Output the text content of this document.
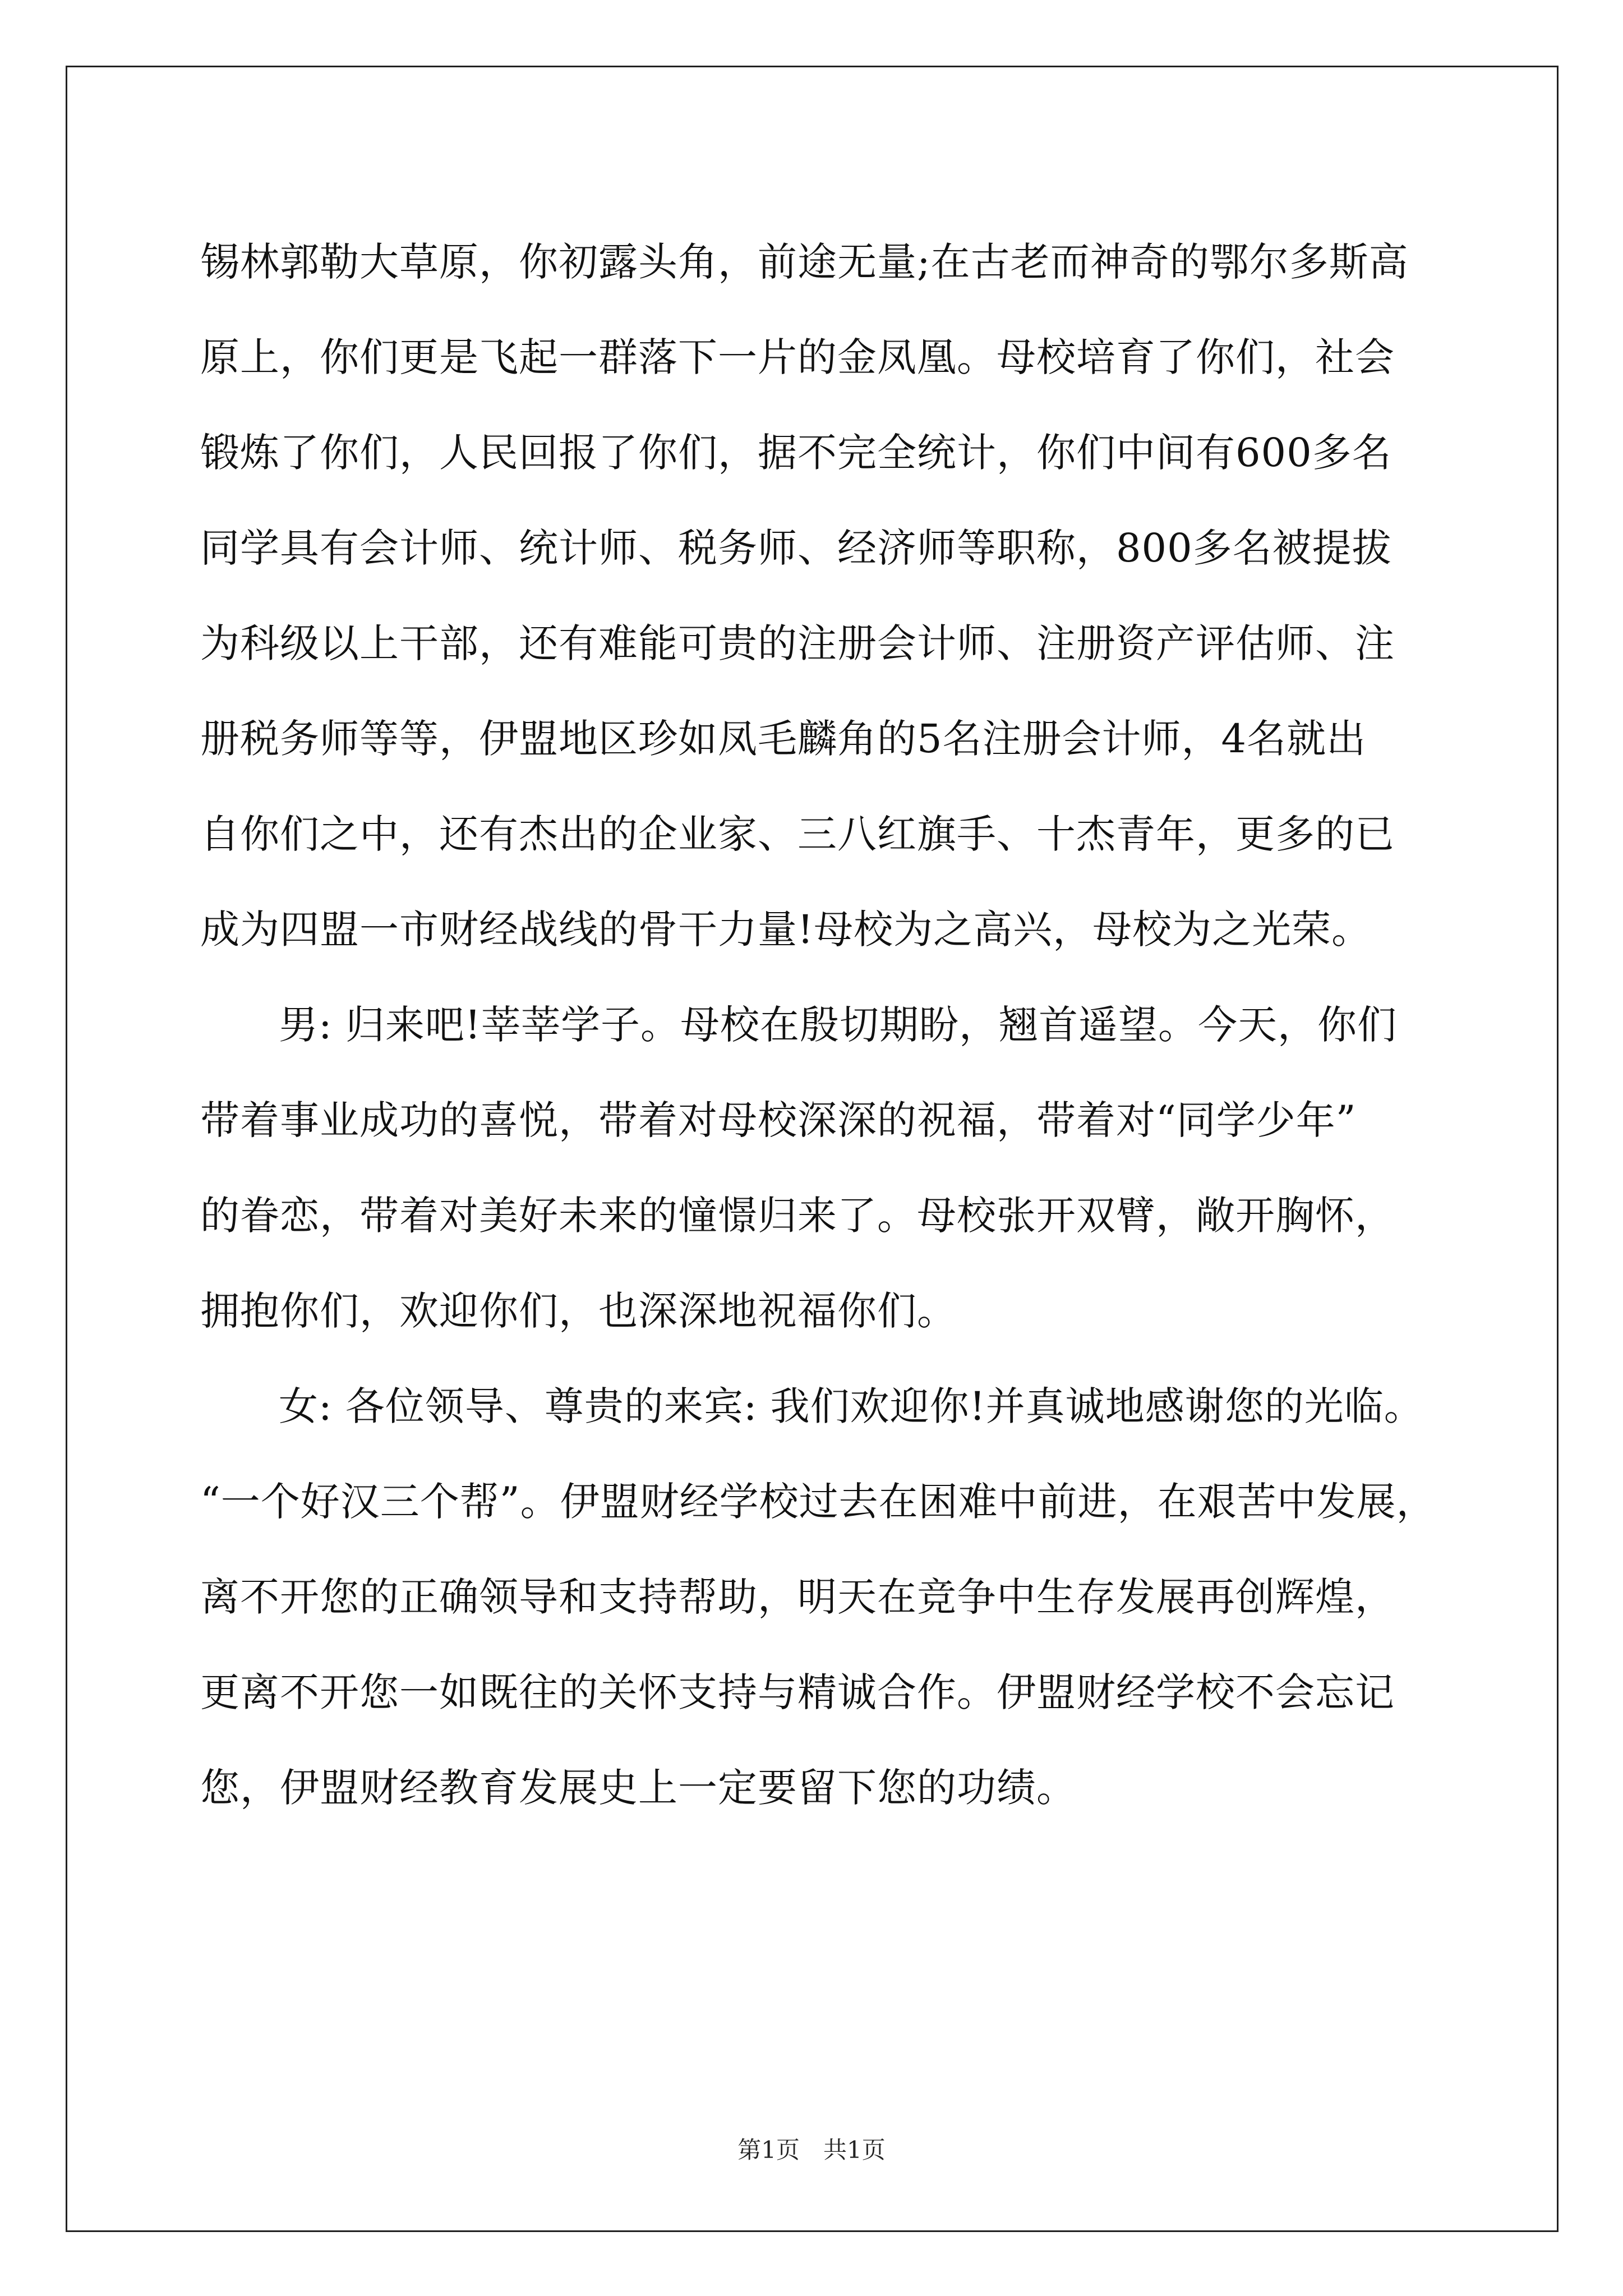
锡林郭勒大草原，你初露头角，前途无量;在古老而神奇的鄂尔多斯高
原上，你们更是飞起一群落下一片的金凤凰。母校培育了你们，社会
锻炼了你们，人民回报了你们，据不完全统计，你们中间有600多名
同学具有会计师、统计师、税务师、经济师等职称，800多名被提拔
为科级以上干部，还有难能可贵的注册会计师、注册资产评估师、注
册税务师等等，伊盟地区珍如凤毛麟角的5名注册会计师，4名就出
自你们之中，还有杰出的企业家、三八红旗手、十杰青年，更多的已
成为四盟一市财经战线的骨干力量!母校为之高兴，母校为之光荣。
男: 归来吧!莘莘学子。母校在殷切期盼，翘首遥望。今天，你们
带着事业成功的喜悦，带着对母校深深的祝福，带着对“同学少年”
的眷恋，带着对美好未来的憧憬归来了。母校张开双臂，敞开胸怀，
拥抱你们，欢迎你们，也深深地祝福你们。
女: 各位领导、尊贵的来宾: 我们欢迎你!并真诚地感谢您的光临。
“一个好汉三个帮”。伊盟财经学校过去在困难中前进，在艰苦中发展，
离不开您的正确领导和支持帮助，明天在竞争中生存发展再创辉煌，
更离不开您一如既往的关怀支持与精诚合作。伊盟财经学校不会忘记
您，伊盟财经教育发展史上一定要留下您的功绩。
第1页　共1页
